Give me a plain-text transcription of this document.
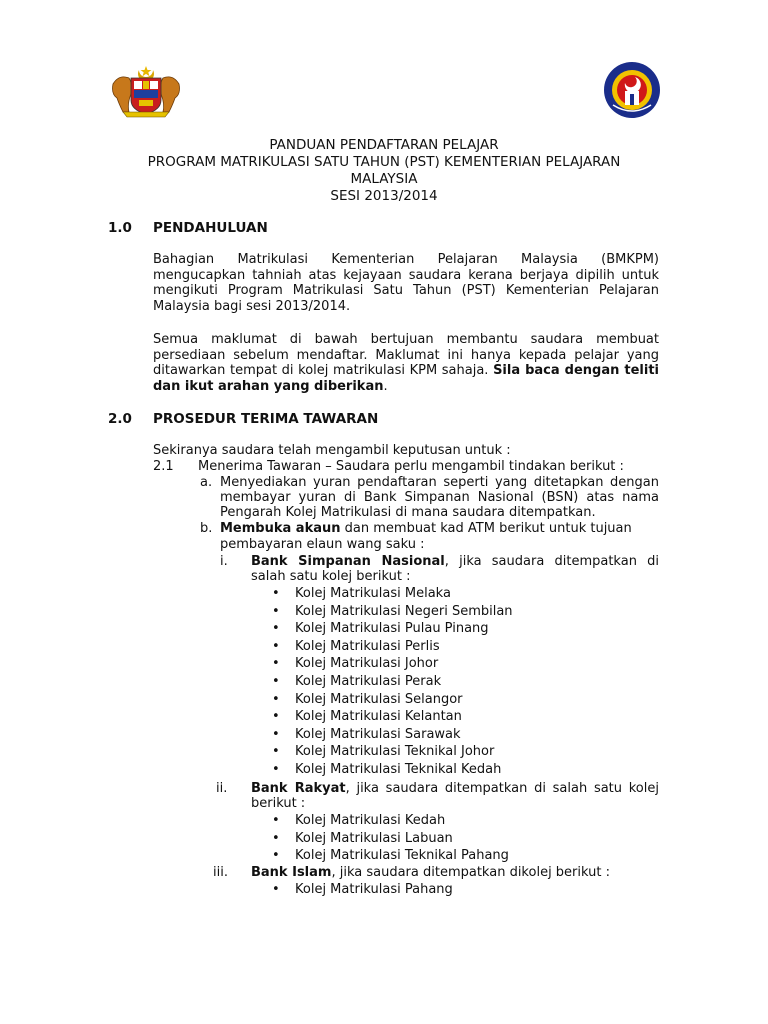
PANDUAN PENDAFTARAN PELAJAR
PROGRAM MATRIKULASI SATU TAHUN (PST) KEMENTERIAN PELAJARAN
MALAYSIA
SESI 2013/2014
1.0 PENDAHULUAN
Bahagian Matrikulasi Kementerian Pelajaran Malaysia (BMKPM) mengucapkan tahniah atas kejayaan saudara kerana berjaya dipilih untuk mengikuti Program Matrikulasi Satu Tahun (PST) Kementerian Pelajaran Malaysia bagi sesi 2013/2014.
Semua maklumat di bawah bertujuan membantu saudara membuat persediaan sebelum mendaftar. Maklumat ini hanya kepada pelajar yang ditawarkan tempat di kolej matrikulasi KPM sahaja. Sila baca dengan teliti dan ikut arahan yang diberikan.
2.0 PROSEDUR TERIMA TAWARAN
Sekiranya saudara telah mengambil keputusan untuk :
2.1 Menerima Tawaran – Saudara perlu mengambil tindakan berikut :
a. Menyediakan yuran pendaftaran seperti yang ditetapkan dengan
membayar yuran di Bank Simpanan Nasional (BSN) atas nama
Pengarah Kolej Matrikulasi di mana saudara ditempatkan.
b. Membuka akaun dan membuat kad ATM berikut untuk tujuan
pembayaran elaun wang saku :
i. Bank Simpanan Nasional, jika saudara ditempatkan di
salah satu kolej berikut :
• Kolej Matrikulasi Melaka
• Kolej Matrikulasi Negeri Sembilan
• Kolej Matrikulasi Pulau Pinang
• Kolej Matrikulasi Perlis
• Kolej Matrikulasi Johor
• Kolej Matrikulasi Perak
• Kolej Matrikulasi Selangor
• Kolej Matrikulasi Kelantan
• Kolej Matrikulasi Sarawak
• Kolej Matrikulasi Teknikal Johor
• Kolej Matrikulasi Teknikal Kedah
ii. Bank Rakyat, jika saudara ditempatkan di salah satu kolej
berikut :
• Kolej Matrikulasi Kedah
• Kolej Matrikulasi Labuan
• Kolej Matrikulasi Teknikal Pahang
iii. Bank Islam, jika saudara ditempatkan dikolej berikut :
• Kolej Matrikulasi Pahang
